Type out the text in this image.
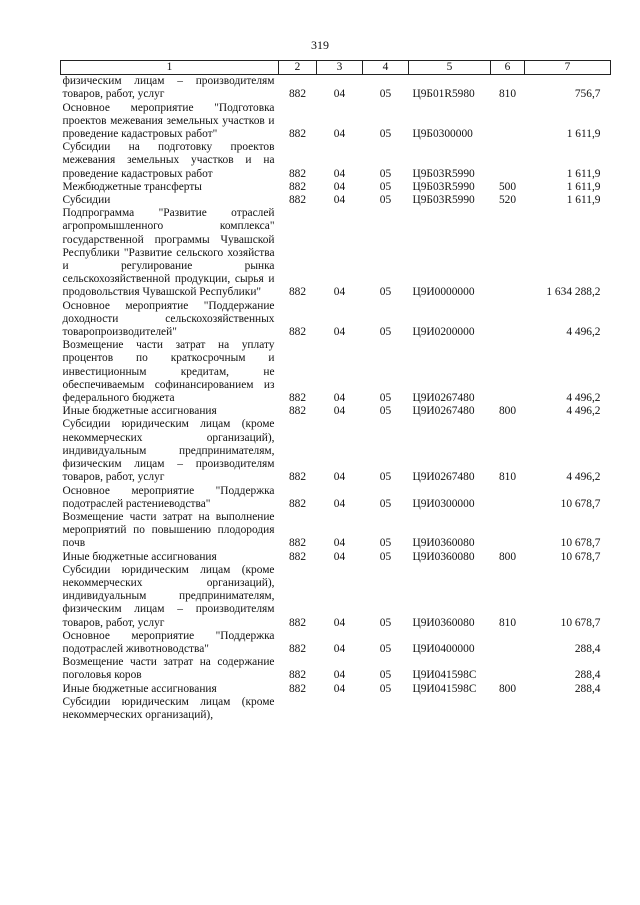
319
1	2	3	4	5	6	7
физическим лицам – производителям товаров, работ, услуг	882	04	05	Ц9Б01R5980	810	756,7
Основное мероприятие "Подготовка проектов межевания земельных участков и проведение кадастровых работ"	882	04	05	Ц9Б0300000		1 611,9
Субсидии на подготовку проектов межевания земельных участков и на проведение кадастровых работ	882	04	05	Ц9Б03R5990		1 611,9
Межбюджетные трансферты	882	04	05	Ц9Б03R5990	500	1 611,9
Субсидии	882	04	05	Ц9Б03R5990	520	1 611,9
Подпрограмма "Развитие отраслей агропромышленного комплекса" государственной программы Чувашской Республики "Развитие сельского хозяйства и регулирование рынка сельскохозяйственной продукции, сырья и продовольствия Чувашской Республики"	882	04	05	Ц9И0000000		1 634 288,2
Основное мероприятие "Поддержание доходности сельскохозяйственных товаропроизводителей"	882	04	05	Ц9И0200000		4 496,2
Возмещение части затрат на уплату процентов по краткосрочным и инвестиционным кредитам, не обеспечиваемым софинансированием из федерального бюджета	882	04	05	Ц9И0267480		4 496,2
Иные бюджетные ассигнования	882	04	05	Ц9И0267480	800	4 496,2
Субсидии юридическим лицам (кроме некоммерческих организаций), индивидуальным предпринимателям, физическим лицам – производителям товаров, работ, услуг	882	04	05	Ц9И0267480	810	4 496,2
Основное мероприятие "Поддержка подотраслей растениеводства"	882	04	05	Ц9И0300000		10 678,7
Возмещение части затрат на выполнение мероприятий по повышению плодородия почв	882	04	05	Ц9И0360080		10 678,7
Иные бюджетные ассигнования	882	04	05	Ц9И0360080	800	10 678,7
Субсидии юридическим лицам (кроме некоммерческих организаций), индивидуальным предпринимателям, физическим лицам – производителям товаров, работ, услуг	882	04	05	Ц9И0360080	810	10 678,7
Основное мероприятие "Поддержка подотраслей животноводства"	882	04	05	Ц9И0400000		288,4
Возмещение части затрат на содержание поголовья коров	882	04	05	Ц9И041598С		288,4
Иные бюджетные ассигнования	882	04	05	Ц9И041598С	800	288,4
Субсидии юридическим лицам (кроме некоммерческих организаций),						
